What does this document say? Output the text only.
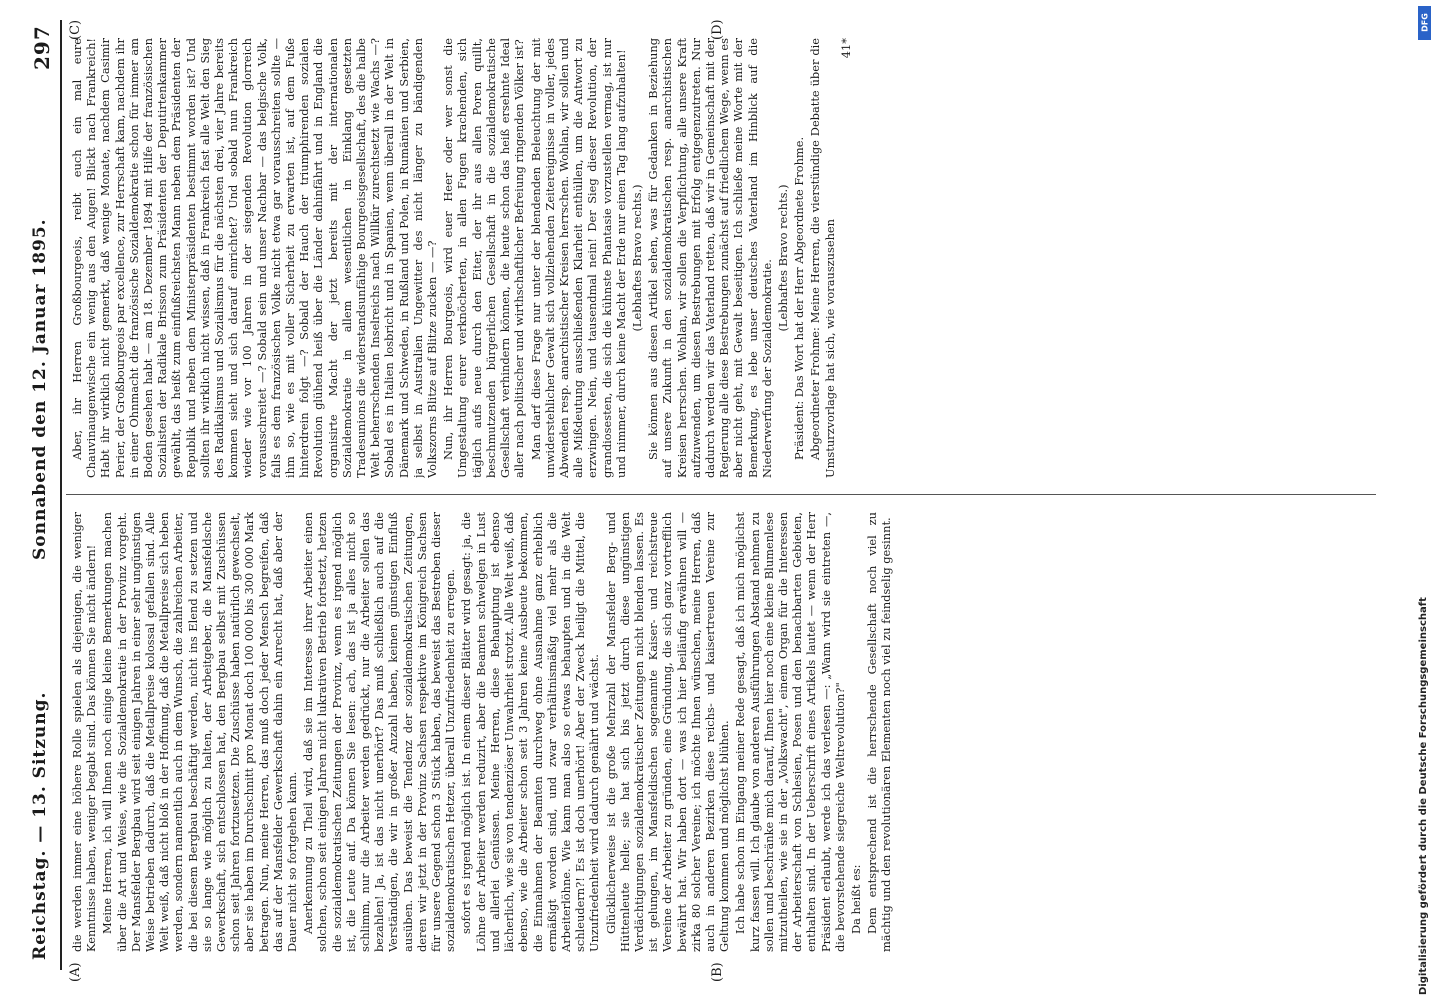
Reichstag. — 13. Sitzung.
Sonnabend den 12. Januar 1895.
297
(A)	(B)
(C)	(D)

die werden immer eine höhere Rolle spielen als diejenigen, die weniger Kenntnisse haben, weniger begabt sind. Das können Sie nicht ändern! Meine Herren, ich will Ihnen noch einige kleine Bemerkungen machen über die Art und Weise, wie die Sozialdemokratie in der Provinz vorgeht. Der Mansfelder Bergbau wird seit einigen Jahren in einer sehr ungünstigen Weise betrieben dadurch, daß die Metallpreise kolossal gefallen sind. Alle Welt weiß, daß nicht bloß in der Hoffnung, daß die Metallpreise sich heben werden, sondern namentlich auch in dem Wunsch, die zahlreichen Arbeiter, die bei diesem Bergbau beschäftigt werden, nicht ins Elend zu setzen und sie so lange wie möglich zu halten, der Arbeitgeber, die Mansfeldsche Gewerkschaft, sich entschlossen hat, den Bergbau selbst mit Zuschüssen schon seit Jahren fortzusetzen. Die Zuschüsse haben natürlich gewechselt, aber sie haben im Durchschnitt pro Monat doch 100 000 bis 300 000 Mark betragen. Nun, meine Herren, das muß doch jeder Mensch begreifen, daß das auf der Mansfelder Gewerkschaft dahin ein Anrecht hat, daß aber der Dauer nicht so fortgehen kann. Anerkennung zu Theil wird, daß sie im Interesse ihrer Arbeiter einen solchen, schon seit einigen Jahren nicht lukrativen Betrieb fortsetzt, hetzen die sozialdemokratischen Zeitungen der Provinz, wenn es irgend möglich ist, die Leute auf. Da können Sie lesen: ach, das ist ja alles nicht so schlimm, nur die Arbeiter werden gedrückt, nur die Arbeiter sollen das bezahlen! Ja, ist das nicht unerhört? Das muß schließlich auch auf die Verständigen, die wir in großer Anzahl haben, keinen günstigen Einfluß ausüben. Das beweist die Tendenz der sozialdemokratischen Zeitungen, deren wir jetzt in der Provinz Sachsen respektive im Königreich Sachsen für unsere Gegend schon 3 Stück haben, das beweist das Bestreben dieser sozialdemokratischen Hetzer, überall Unzufriedenheit zu erregen. sofort es irgend möglich ist. In einem dieser Blätter wird gesagt: ja, die Löhne der Arbeiter werden reduzirt, aber die Beamten schwelgen in Lust und allerlei Genüssen. Meine Herren, diese Behauptung ist ebenso lächerlich, wie sie von tendenziöser Unwahrheit strotzt. Alle Welt weiß, daß ebenso, wie die Arbeiter schon seit 3 Jahren keine Ausbeute bekommen, die Einnahmen der Beamten durchweg ohne Ausnahme ganz erheblich ermäßigt worden sind, und zwar verhältnismäßig viel mehr als die Arbeiterlöhne. Wie kann man also so etwas behaupten und in die Welt schleudern?! Es ist doch unerhört! Aber der Zweck heiligt die Mittel, die Unzufriedenheit wird dadurch genährt und wächst. Glücklicherweise ist die große Mehrzahl der Mansfelder Berg- und Hüttenleute helle; sie hat sich bis jetzt durch diese ungünstigen Verdächtigungen sozialdemokratischer Zeitungen nicht blenden lassen. Es ist gelungen, im Mansfeldischen sogenannte Kaiser- und reichstreue Vereine der Arbeiter zu gründen, eine Gründung, die sich ganz vortrefflich bewährt hat. Wir haben dort — was ich hier beiläufig erwähnen will — zirka 80 solcher Vereine; ich möchte Ihnen wünschen, meine Herren, daß auch in anderen Bezirken diese reichs- und kaisertreuen Vereine zur Geltung kommen und möglichst blühen. Ich habe schon im Eingang meiner Rede gesagt, daß ich mich möglichst kurz fassen will. Ich glaube von anderen Ausführungen Abstand nehmen zu sollen und beschränke mich darauf, Ihnen hier noch eine kleine Blumenlese mitzutheilen, wie sie in der „Volkswacht", einem Organ für die Interessen der Arbeiterschaft von Schlesien, Posen und den benachbarten Gebieten, enthalten sind. In der Ueberschrift eines Artikels lautet — wenn der Herr Präsident erlaubt, werde ich das verlesen —: „Wann wird sie eintreten —, die bevorstehende siegreiche Weltrevolution?" Da heißt es: Dem entsprechend ist die herrschende Gesellschaft noch viel zu mächtig und den revolutionären Elementen noch viel zu feindselig gesinnt.

Aber, ihr Herren Großbourgeois, reibt euch ein mal eure Chauvinaugenwische ein wenig aus den Augen! Blickt nach Frankreich! Habt ihr wirklich nicht gemerkt, daß wenige Monate, nachdem Casimir Perier, der Großbourgeois par excellence, zur Herrschaft kam, nachdem ihr in einer Ohnmacht die französische Sozialdemokratie schon für immer am Boden gesehen habt — am 18. Dezember 1894 mit Hilfe der französischen Sozialisten der Radikale Brisson zum Präsidenten der Deputirtenkammer gewählt, das heißt zum einflußreichsten Mann neben dem Präsidenten der Republik und neben dem Ministerpräsidenten bestimmt worden ist? Und sollten ihr wirklich nicht wissen, daß in Frankreich fast alle Welt den Sieg des Radikalismus und Sozialismus für die nächsten drei, vier Jahre bereits kommen sieht und sich darauf einrichtet? Und sobald nun Frankreich wieder wie vor 100 Jahren in der siegenden Revolution glorreich vorausschreitet —? Sobald sein und unser Nachbar — das belgische Volk, falls es dem französischen Volke nicht etwa gar vorausschreiten sollte — ihm so, wie es mit voller Sicherheit zu erwarten ist, auf dem Fuße hinterdrein folgt —? Sobald der Hauch der triumphirenden sozialen Revolution glühend heiß über die Länder dahinfährt und in England die organisirte Macht der jetzt bereits mit der internationalen Sozialdemokratie in allem wesentlichen in Einklang gesetzten Tradesunions die widerstandsunfähige Bourgeoisgesellschaft, des die halbe Welt beherrschenden Inselreichs nach Willkür zurechtsetzt wie Wachs —? Sobald es in Italien losbricht und in Spanien, wenn überall in der Welt in Dänemark und Schweden, in Rußland und Polen, in Rumänien und Serbien, ja selbst in Australien Ungewitter des nicht länger zu bändigenden Volkszorns Blitze auf Blitze zucken — —? Nun, ihr Herren Bourgeois, wird euer Heer oder wer sonst die Umgestaltung eurer verknöcherten, in allen Fugen krachenden, sich täglich aufs neue durch den Eiter, der ihr aus allen Poren quillt, beschmutzenden bürgerlichen Gesellschaft in die sozialdemokratische Gesellschaft verhindern können, die heute schon das heiß ersehnte Ideal aller nach politischer und wirthschaftlicher Befreiung ringenden Völker ist? Man darf diese Frage nur unter der blendenden Beleuchtung der mit unwiderstehlicher Gewalt sich vollziehenden Zeitereignisse in voller, jedes Abwenden resp. anarchistischer Kreisen herrschen. Wohlan, wir sollen und alle Mißdeutung ausschließenden Klarheit enthüllen, um die Antwort zu erzwingen. Nein, und tausendmal nein! Der Sieg dieser Revolution, der grandiosesten, die sich die kühnste Phantasie vorzustellen vermag, ist nur und nimmer, durch keine Macht der Erde nur einen Tag lang aufzuhalten! (Lebhaftes Bravo rechts.) Sie können aus diesen Artikel sehen, was für Gedanken in Beziehung auf unsere Zukunft in den sozialdemokratischen resp. anarchistischen Kreisen herrschen. Wohlan, wir sollen die Verpflichtung, alle unsere Kraft aufzuwenden, um diesen Bestrebungen mit Erfolg entgegenzutreten. Nur dadurch werden wir das Vaterland retten, daß wir in Gemeinschaft mit der Regierung alle diese Bestrebungen zunächst auf friedlichem Wege, wenn es aber nicht geht, mit Gewalt beseitigen. Ich schließe meine Worte mit der Bemerkung, es lebe unser deutsches Vaterland im Hinblick auf die Niederwerfung der Sozialdemokratie.

(Lebhaftes Bravo rechts.) Präsident: Das Wort hat der Herr Abgeordnete Frohme. Abgeordneter Frohme: Meine Herren, die vierstündige Debatte über die Umsturzvorlage hat sich, wie vorauszusehen

41*

Digitalisierung gefördert durch die Deutsche Forschungsgemeinschaft
DFG
